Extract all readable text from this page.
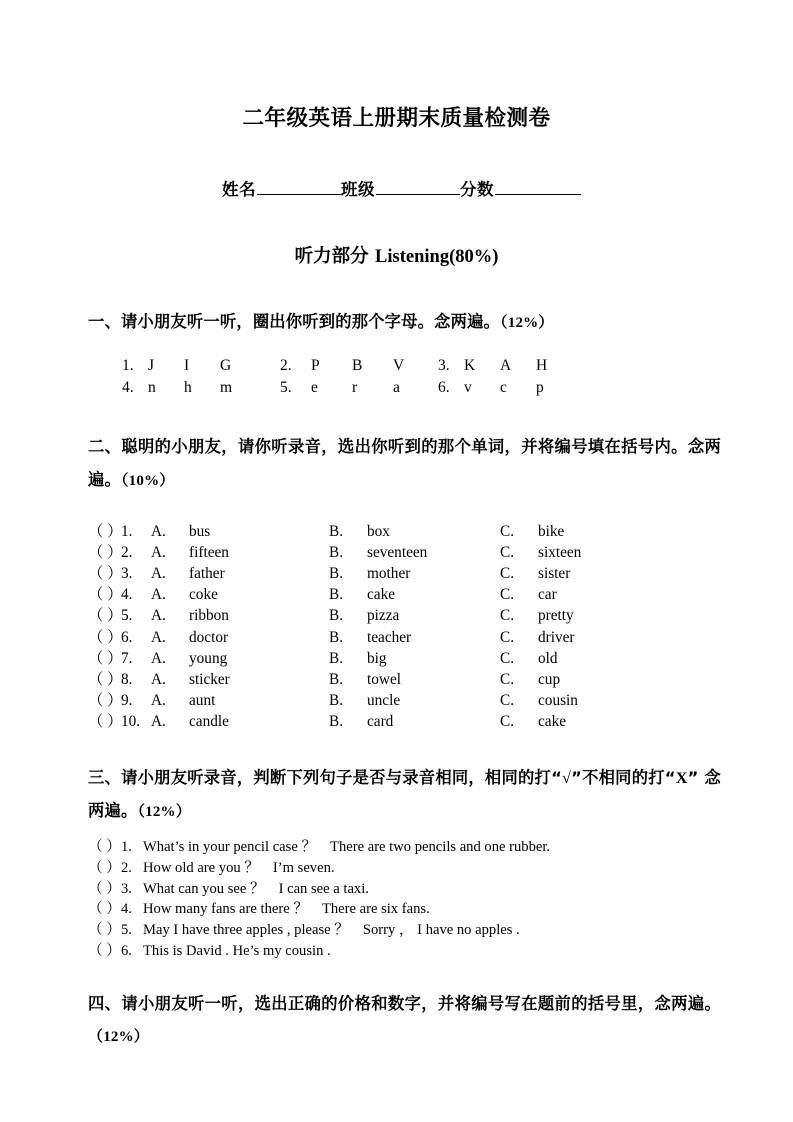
二年级英语上册期末质量检测卷
姓名	班级	分数
听力部分 Listening(80%)
一、请小朋友听一听，圈出你听到的那个字母。念两遍。（12%）
1. J I G	2. P B V 3. K A H
4. n h m	5. e r a 6. v c p
二、聪明的小朋友，请你听录音，选出你听到的那个单词，并将编号填在括号内。念两遍。（10%）
（ ）1. A. bus	B. box	C. bike
（ ）2. A. fifteen	B. seventeen	C. sixteen
（ ）3. A. father	B. mother	C. sister
（ ）4. A. coke	B. cake	C. car
（ ）5. A. ribbon	B. pizza	C. pretty
（ ）6. A. doctor	B. teacher	C. driver
（ ）7. A. young	B. big	C. old
（ ）8. A. sticker	B. towel	C. cup
（ ）9. A. aunt	B. uncle	C. cousin
（ ）10. A. candle	B. card	C. cake
三、请小朋友听录音，判断下列句子是否与录音相同，相同的打“√”不相同的打“X” 念两遍。（12%）
（ ）1. What’s in your pencil case ？ There are two pencils and one rubber.
（ ）2. How old are you ？ I’m seven.
（ ）3. What can you see ？ I can see a taxi.
（ ）4. How many fans are there ？ There are six fans.
（ ）5. May I have three apples , please ？ Sorry ， I have no apples .
（ ）6. This is David . He’s my cousin .
四、请小朋友听一听，选出正确的价格和数字，并将编号写在题前的括号里，念两遍。（12%）
